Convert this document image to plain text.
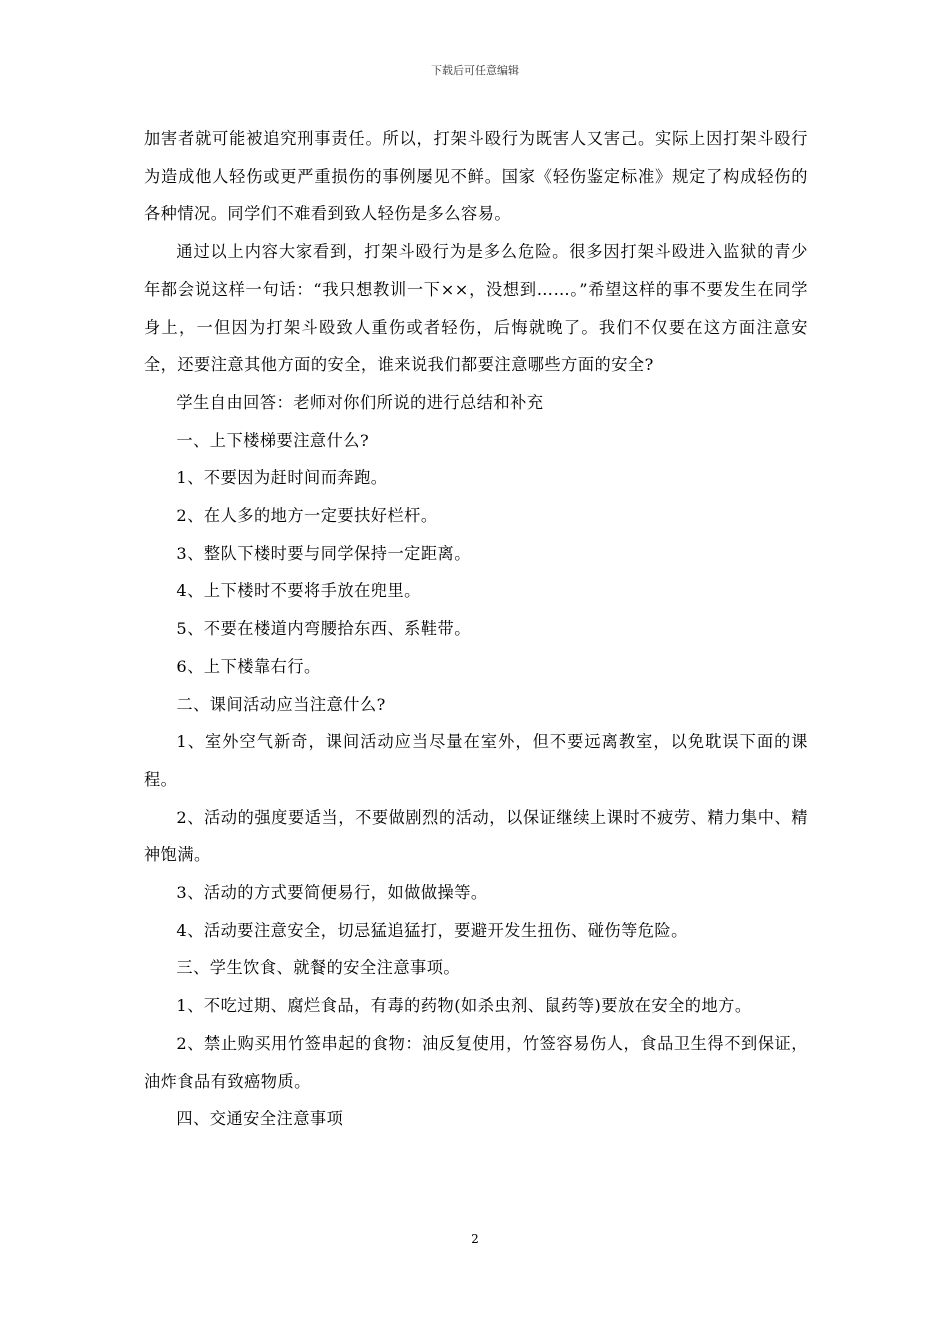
下载后可任意编辑

加害者就可能被追究刑事责任。所以，打架斗殴行为既害人又害己。实际上因打架斗殴行为造成他人轻伤或更严重损伤的事例屡见不鲜。国家《轻伤鉴定标准》规定了构成轻伤的各种情况。同学们不难看到致人轻伤是多么容易。

通过以上内容大家看到，打架斗殴行为是多么危险。很多因打架斗殴进入监狱的青少年都会说这样一句话：“我只想教训一下××，没想到……。”希望这样的事不要发生在同学身上，一但因为打架斗殴致人重伤或者轻伤，后悔就晚了。我们不仅要在这方面注意安全，还要注意其他方面的安全，谁来说我们都要注意哪些方面的安全?

学生自由回答：老师对你们所说的进行总结和补充

一、上下楼梯要注意什么?

1、不要因为赶时间而奔跑。

2、在人多的地方一定要扶好栏杆。

3、整队下楼时要与同学保持一定距离。

4、上下楼时不要将手放在兜里。

5、不要在楼道内弯腰拾东西、系鞋带。

6、上下楼靠右行。

二、课间活动应当注意什么?

1、室外空气新奇，课间活动应当尽量在室外，但不要远离教室，以免耽误下面的课程。

2、活动的强度要适当，不要做剧烈的活动，以保证继续上课时不疲劳、精力集中、精神饱满。

3、活动的方式要简便易行，如做做操等。

4、活动要注意安全，切忌猛追猛打，要避开发生扭伤、碰伤等危险。

三、学生饮食、就餐的安全注意事项。

1、不吃过期、腐烂食品，有毒的药物(如杀虫剂、鼠药等)要放在安全的地方。

2、禁止购买用竹签串起的食物：油反复使用，竹签容易伤人，食品卫生得不到保证，油炸食品有致癌物质。

四、交通安全注意事项

2
